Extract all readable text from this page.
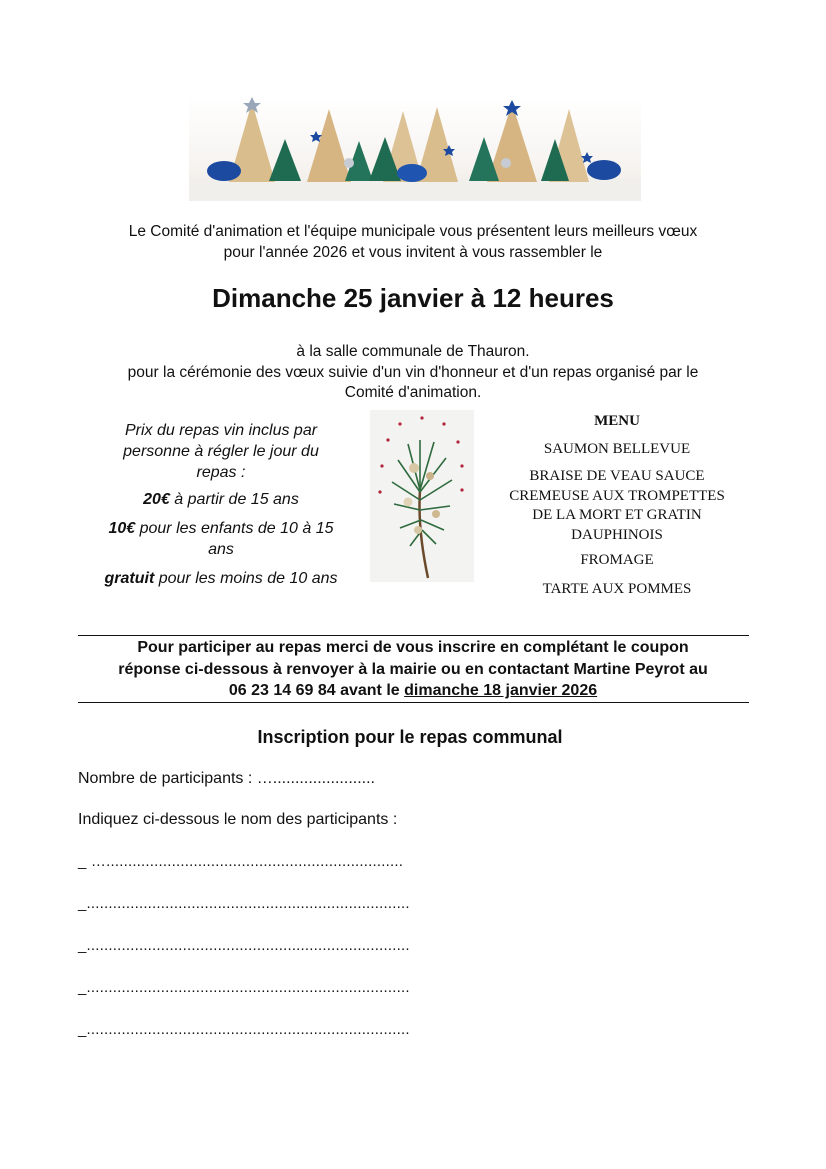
Le Comité d'animation et l'équipe municipale vous présentent leurs meilleurs vœux
pour l'année 2026 et vous invitent à vous rassembler le
Dimanche 25 janvier à 12 heures
à la salle communale de Thauron.
pour la cérémonie des vœux suivie d'un vin d'honneur et d'un repas organisé par le
Comité d'animation.
Prix du repas vin inclus par
personne à régler le jour du
repas :
20€ à partir de 15 ans
10€ pour les enfants de 10 à 15
ans
gratuit pour les moins de 10 ans
MENU
SAUMON BELLEVUE
BRAISE DE VEAU SAUCE
CREMEUSE AUX TROMPETTES
DE LA MORT ET GRATIN
DAUPHINOIS
FROMAGE
TARTE AUX POMMES
Pour participer au repas merci de vous inscrire en complétant le coupon
réponse ci-dessous à renvoyer à la mairie ou en contactant Martine Peyrot au
06 23 14 69 84 avant le dimanche 18 janvier 2026
Inscription pour le repas communal
Nombre de participants : ….......................
Indiquez ci-dessous le nom des participants :
_ …....................................................................
_..........................................................................
_..........................................................................
_..........................................................................
_..........................................................................
